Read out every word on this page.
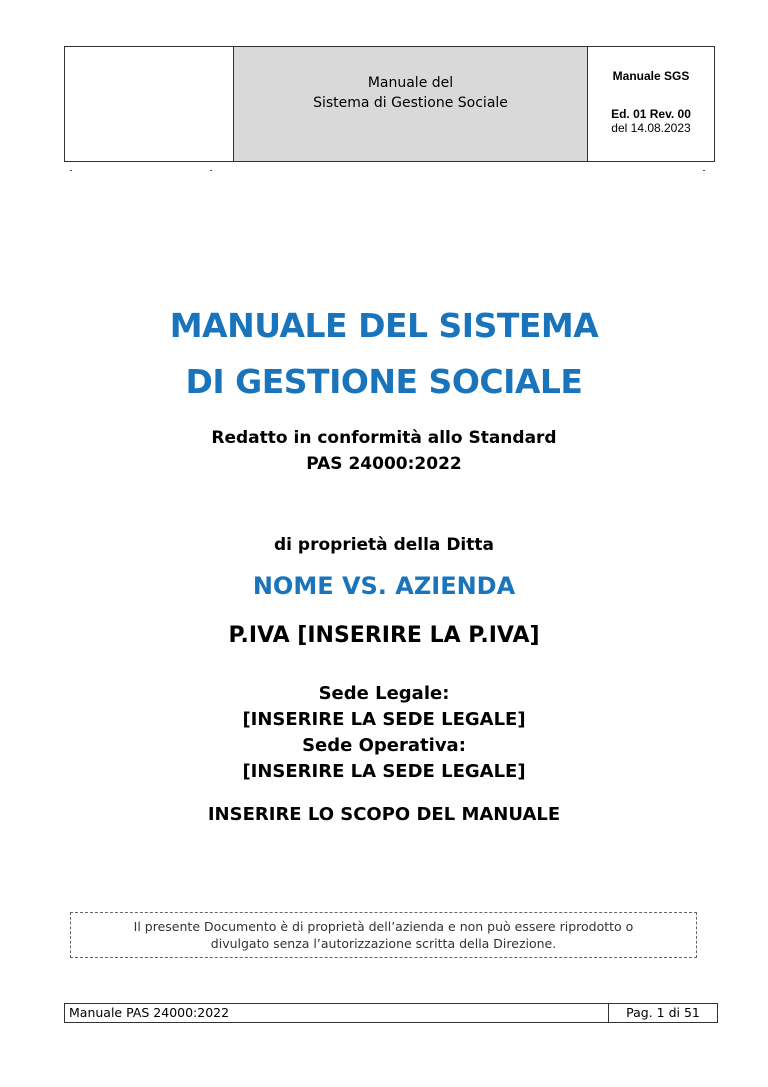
Manuale del
Sistema di Gestione Sociale
Manuale SGS
Ed. 01 Rev. 00
del 14.08.2023
MANUALE DEL SISTEMA
DI GESTIONE SOCIALE
Redatto in conformità allo Standard
PAS 24000:2022
di proprietà della Ditta
NOME VS. AZIENDA
P.IVA [INSERIRE LA P.IVA]
Sede Legale:
[INSERIRE LA SEDE LEGALE]
Sede Operativa:
[INSERIRE LA SEDE LEGALE]
INSERIRE LO SCOPO DEL MANUALE
Il presente Documento è di proprietà dell’azienda e non può essere riprodotto o
divulgato senza l’autorizzazione scritta della Direzione.
Manuale PAS 24000:2022	Pag. 1 di 51
